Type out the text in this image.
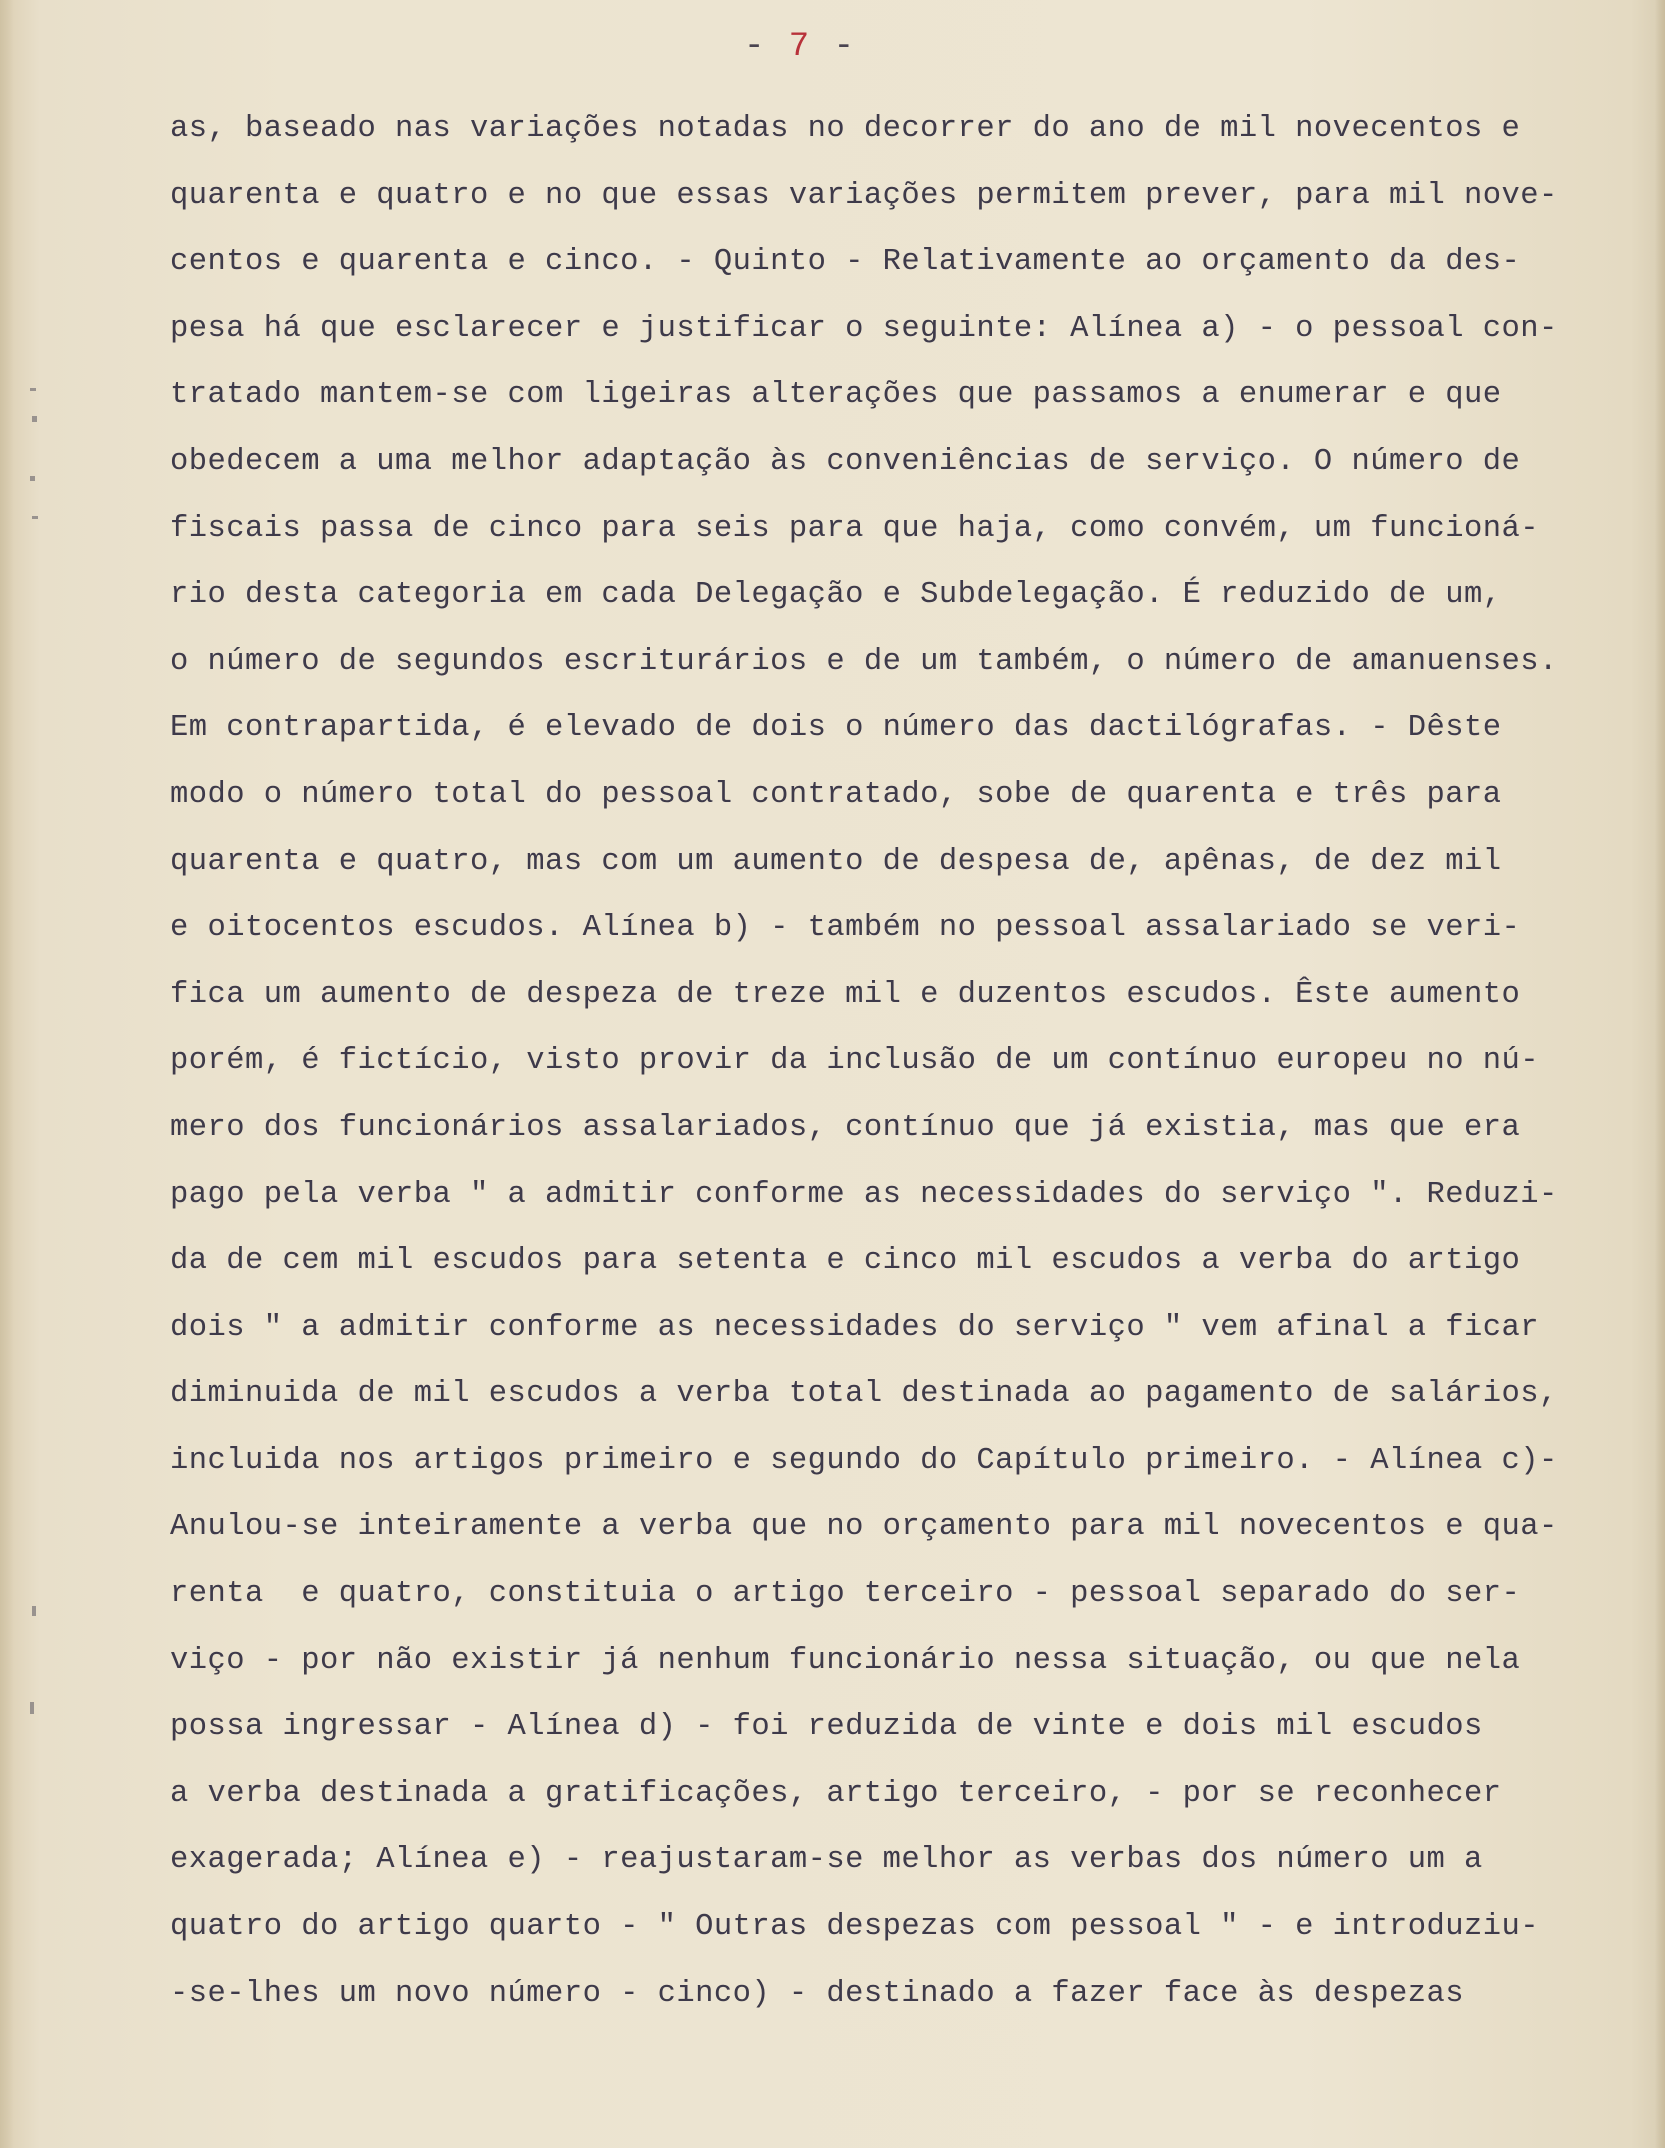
- 7 -
as, baseado nas variações notadas no decorrer do ano de mil novecentos e
quarenta e quatro e no que essas variações permitem prever, para mil nove-
centos e quarenta e cinco. - Quinto - Relativamente ao orçamento da des-
pesa há que esclarecer e justificar o seguinte: Alínea a) - o pessoal con-
tratado mantem-se com ligeiras alterações que passamos a enumerar e que
obedecem a uma melhor adaptação às conveniências de serviço. O número de
fiscais passa de cinco para seis para que haja, como convém, um funcioná-
rio desta categoria em cada Delegação e Subdelegação. É reduzido de um,
o número de segundos escriturários e de um também, o número de amanuenses.
Em contrapartida, é elevado de dois o número das dactilógrafas. - Dêste
modo o número total do pessoal contratado, sobe de quarenta e três para
quarenta e quatro, mas com um aumento de despesa de, apênas, de dez mil
e oitocentos escudos. Alínea b) - também no pessoal assalariado se veri-
fica um aumento de despeza de treze mil e duzentos escudos. Êste aumento
porém, é fictício, visto provir da inclusão de um contínuo europeu no nú-
mero dos funcionários assalariados, contínuo que já existia, mas que era
pago pela verba " a admitir conforme as necessidades do serviço ". Reduzi-
da de cem mil escudos para setenta e cinco mil escudos a verba do artigo
dois " a admitir conforme as necessidades do serviço " vem afinal a ficar
diminuida de mil escudos a verba total destinada ao pagamento de salários,
incluida nos artigos primeiro e segundo do Capítulo primeiro. - Alínea c)-
Anulou-se inteiramente a verba que no orçamento para mil novecentos e qua-
renta  e quatro, constituia o artigo terceiro - pessoal separado do ser-
viço - por não existir já nenhum funcionário nessa situação, ou que nela
possa ingressar - Alínea d) - foi reduzida de vinte e dois mil escudos
a verba destinada a gratificações, artigo terceiro, - por se reconhecer
exagerada; Alínea e) - reajustaram-se melhor as verbas dos número um a
quatro do artigo quarto - " Outras despezas com pessoal " - e introduziu-
-se-lhes um novo número - cinco) - destinado a fazer face às despezas
